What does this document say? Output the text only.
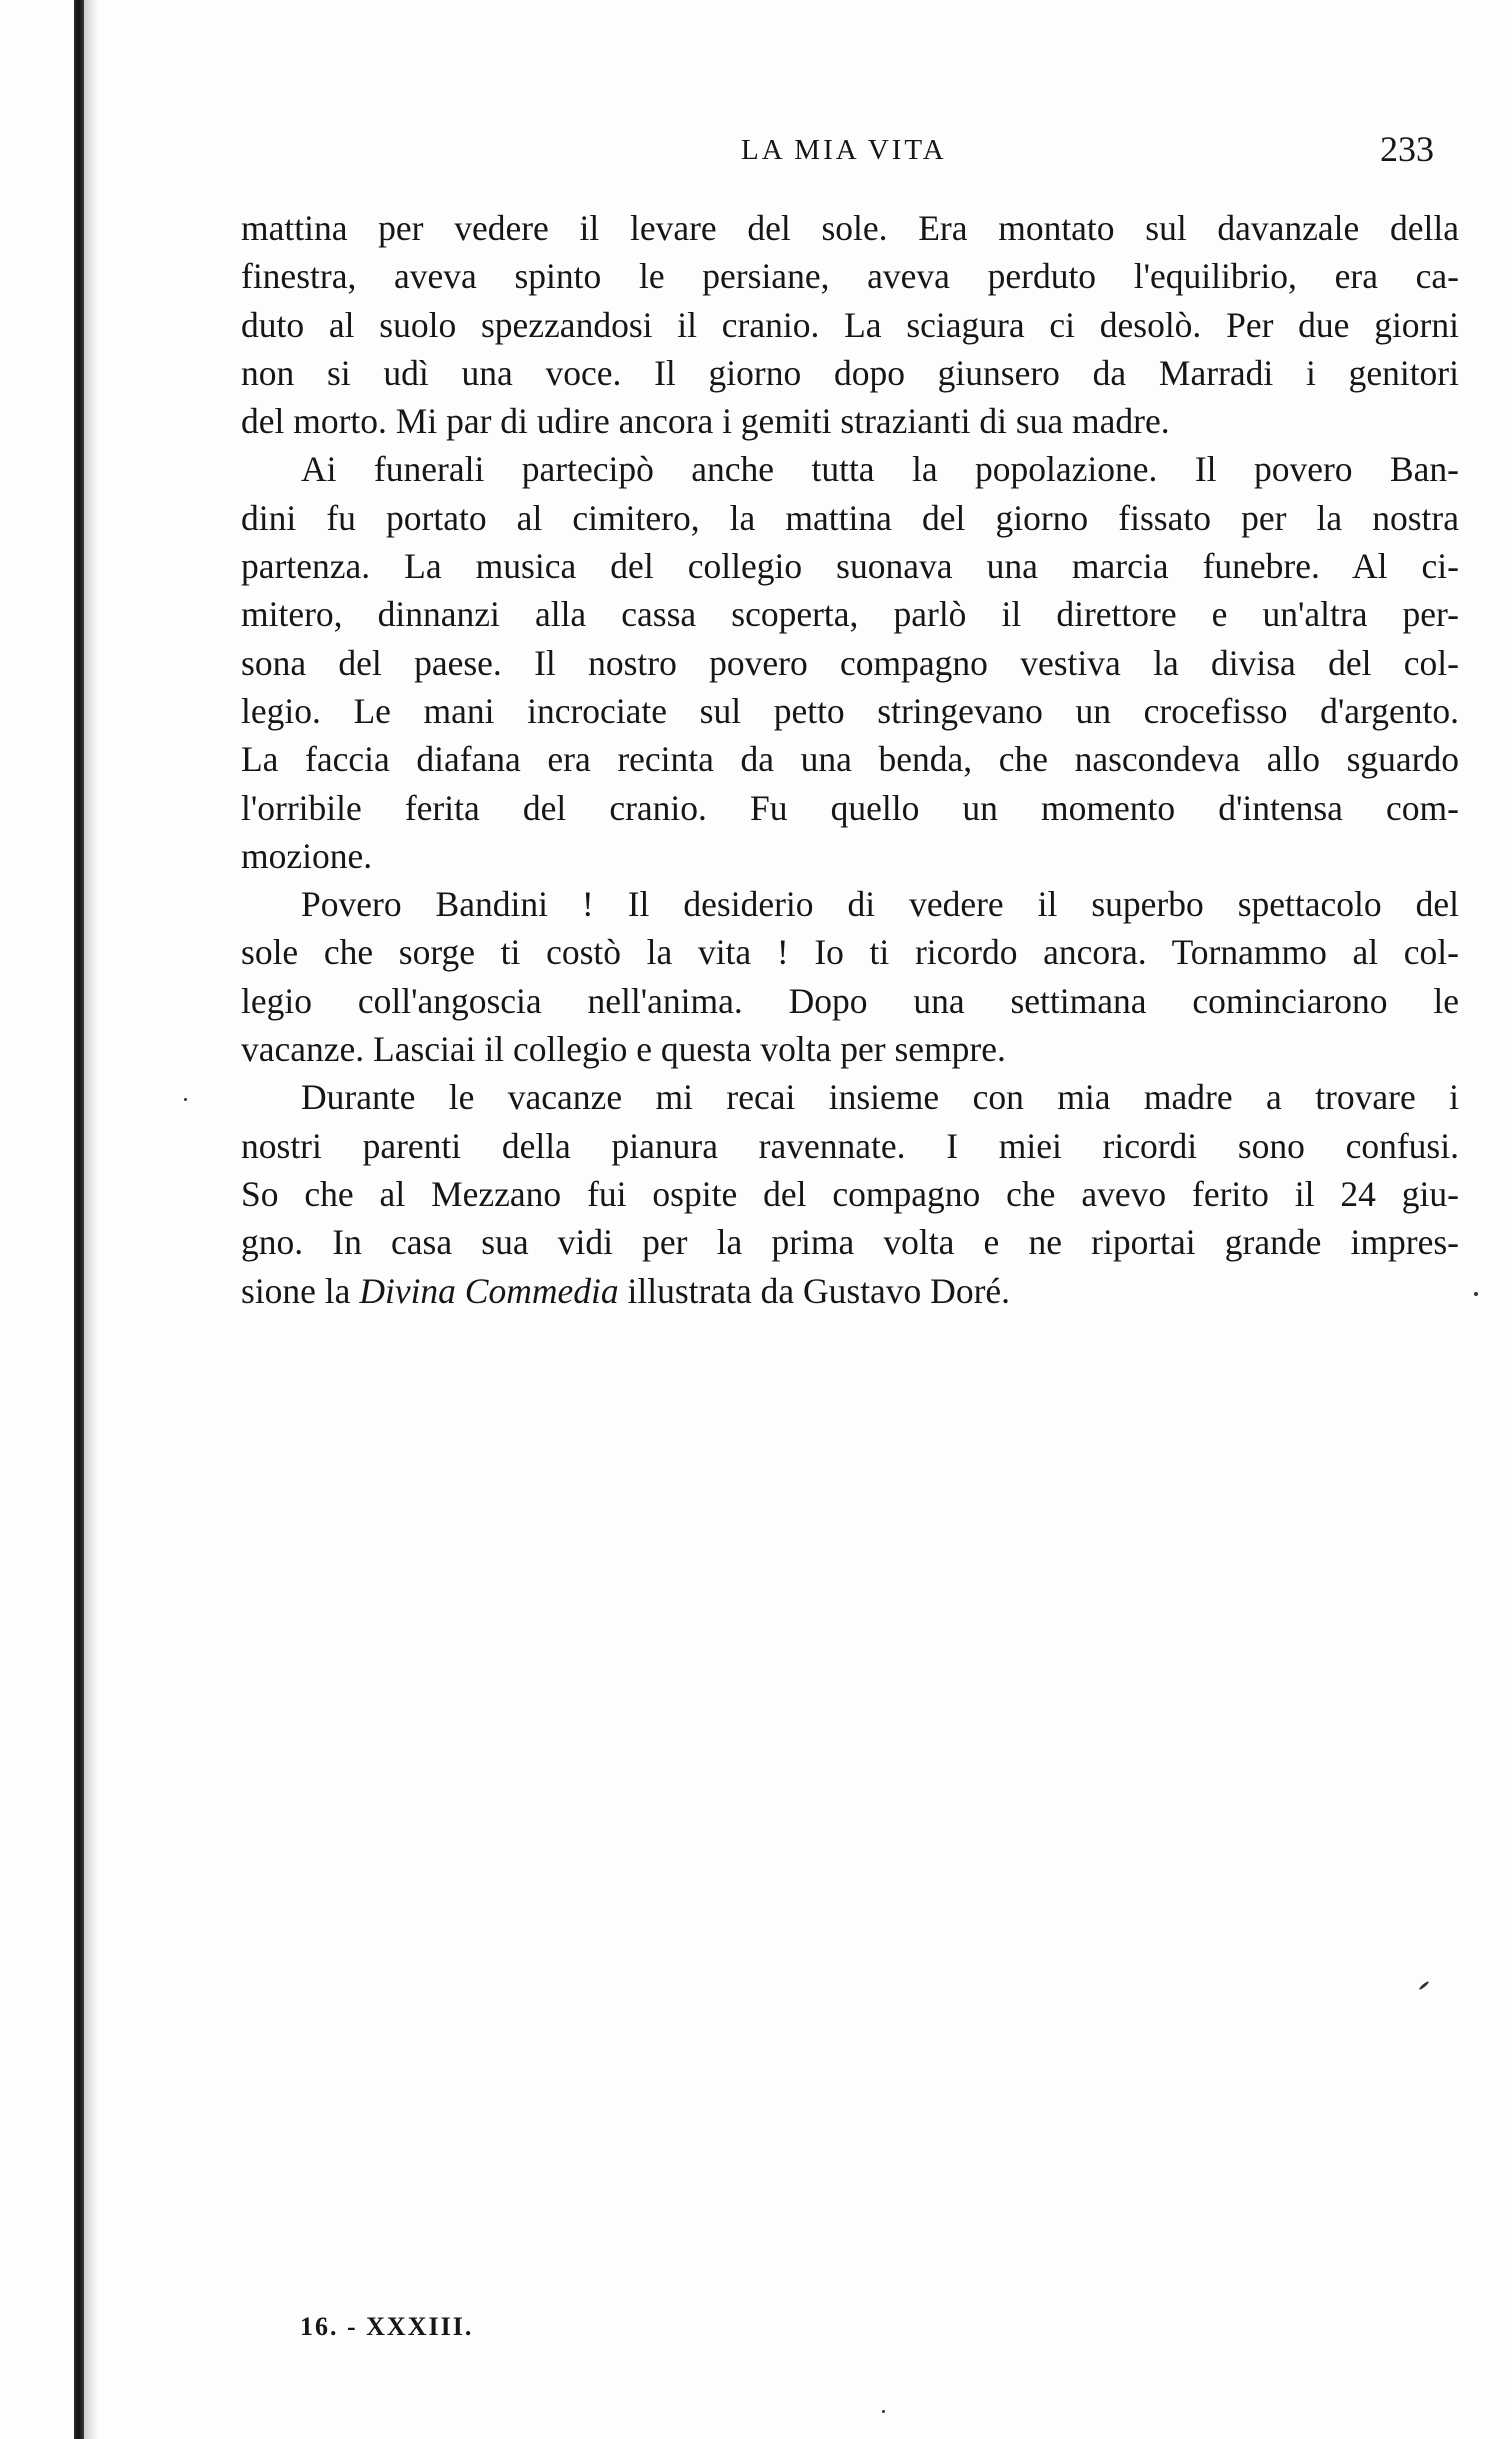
LA MIA VITA	233
mattina per vedere il levare del sole. Era montato sul davanzale della
finestra, aveva spinto le persiane, aveva perduto l'equilibrio, era ca-
duto al suolo spezzandosi il cranio. La sciagura ci desolò. Per due giorni
non si udì una voce. Il giorno dopo giunsero da Marradi i genitori
del morto. Mi par di udire ancora i gemiti strazianti di sua madre.
Ai funerali partecipò anche tutta la popolazione. Il povero Ban-
dini fu portato al cimitero, la mattina del giorno fissato per la nostra
partenza. La musica del collegio suonava una marcia funebre. Al ci-
mitero, dinnanzi alla cassa scoperta, parlò il direttore e un'altra per-
sona del paese. Il nostro povero compagno vestiva la divisa del col-
legio. Le mani incrociate sul petto stringevano un crocefisso d'argento.
La faccia diafana era recinta da una benda, che nascondeva allo sguardo
l'orribile ferita del cranio. Fu quello un momento d'intensa com-
mozione.
Povero Bandini ! Il desiderio di vedere il superbo spettacolo del
sole che sorge ti costò la vita ! Io ti ricordo ancora. Tornammo al col-
legio coll'angoscia nell'anima. Dopo una settimana cominciarono le
vacanze. Lasciai il collegio e questa volta per sempre.
Durante le vacanze mi recai insieme con mia madre a trovare i
nostri parenti della pianura ravennate. I miei ricordi sono confusi.
So che al Mezzano fui ospite del compagno che avevo ferito il 24 giu-
gno. In casa sua vidi per la prima volta e ne riportai grande impres-
sione la Divina Commedia illustrata da Gustavo Doré.
16. - XXXIII.
